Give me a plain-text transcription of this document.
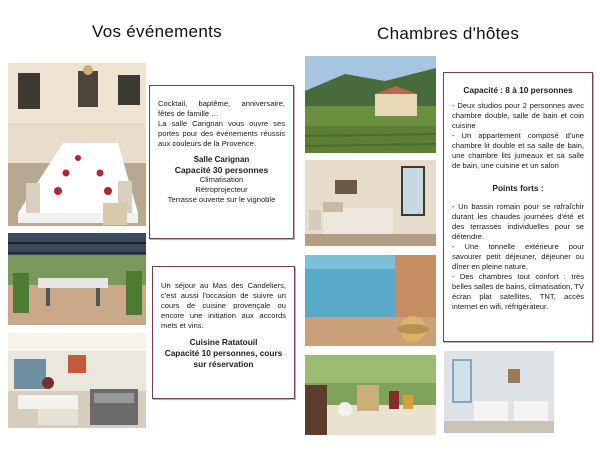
Vos événements	Chambres d'hôtes

Cocktail, baptême, anniversaire, fêtes de famille …

La salle Carignan vous ouvre ses portes pour des événements réussis aux couleurs de la Provence.

Salle Carignan

Capacité 30 personnes

Climatisation

Rétroprojecteur

Terrasse ouverte sur le vignoble

Un séjour au Mas des Candeliers, c'est aussi l'occasion de suivre un cours de cuisine provençale ou encore une initiation aux accords mets et vins.

Cuisine Ratatouil

Capacité 10 personnes, cours sur réservation

Capacité : 8 à 10 personnes

- Deux studios pour 2 personnes avec chambre double, salle de bain et coin cuisine

- Un appartement composé d'une chambre lit double et sa salle de bain, une chambre lits jumeaux et sa salle de bain, une cuisine et un salon

Points forts :

- Un bassin romain pour se rafraîchir durant les chaudes journées d'été et des terrasses individuelles pour se détendre.

- Une tonnelle extérieure pour savourer petit déjeuner, déjeuner ou dîner en pleine nature.

- Des chambres tout confort : très belles salles de bains, climatisation, TV écran plat satellites, TNT, accès internet en wifi, réfrigérateur.
